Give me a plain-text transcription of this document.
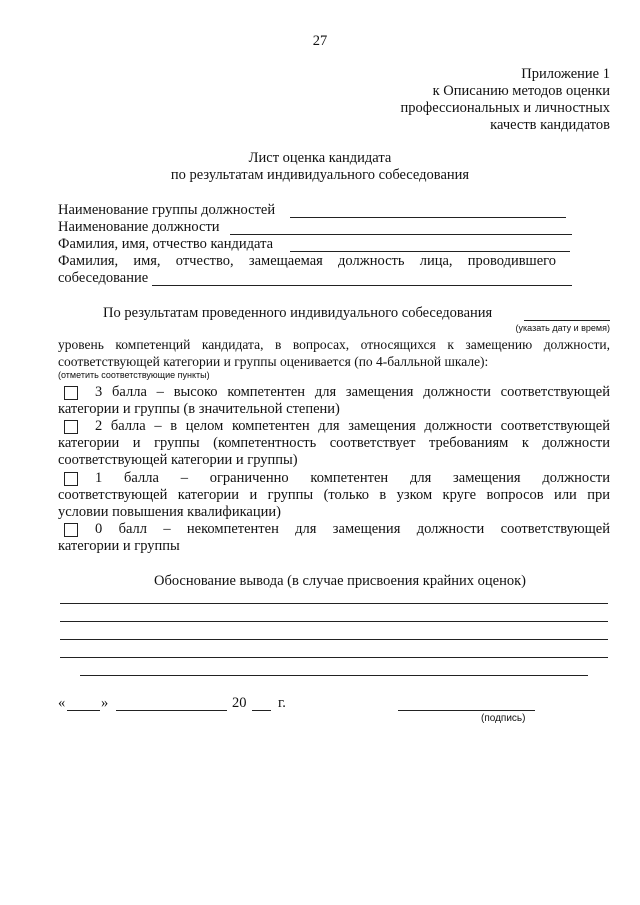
27
Приложение 1
к Описанию методов оценки
профессиональных и личностных
качеств кандидатов
Лист оценка кандидата
по результатам индивидуального собеседования
Наименование группы должностей
Наименование должности
Фамилия, имя, отчество кандидата
Фамилия, имя, отчество, замещаемая должность лица, проводившего
собеседование
По результатам проведенного индивидуального собеседования
(указать дату и время)
уровень компетенций кандидата, в вопросах, относящихся к замещению должности,
соответствующей категории и группы оценивается (по 4-балльной шкале):
(отметить соответствующие пункты)
3 балла – высоко компетентен для замещения должности соответствующей
категории и группы (в значительной степени)
2 балла – в целом компетентен для замещения должности соответствующей
категории и группы (компетентность соответствует требованиям к должности
соответствующей категории и группы)
1 балла – ограниченно компетентен для замещения должности
соответствующей категории и группы (только в узком круге вопросов или при
условии повышения квалификации)
0 балл – некомпетентен для замещения должности соответствующей
категории и группы
Обоснование вывода (в случае присвоения крайних оценок)
« »	20 г.
(подпись)
